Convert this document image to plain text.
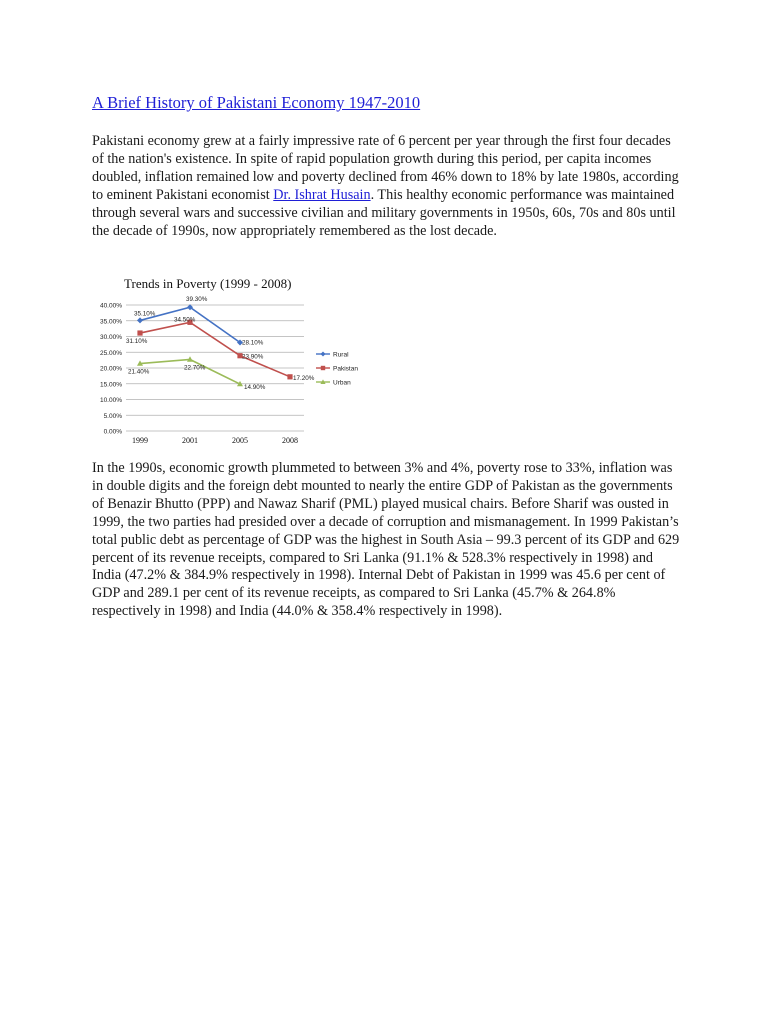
A Brief History of Pakistani Economy 1947-2010

Pakistani economy grew at a fairly impressive rate of 6 percent per year through the first four decades of the nation's existence. In spite of rapid population growth during this period, per capita incomes doubled, inflation remained low and poverty declined from 46% down to 18% by late 1980s, according to eminent Pakistani economist Dr. Ishrat Husain. This healthy economic performance was maintained through several wars and successive civilian and military governments in 1950s, 60s, 70s and 80s until the decade of 1990s, now appropriately remembered as the lost decade.

Trends in Poverty (1999 - 2008)
0.00%
5.00%
10.00%
15.00%
20.00%
25.00%
30.00%
35.00%
40.00%
1999	2001	2005	2008
35.10%
39.30%
28.10%
31.10%
34.50%
23.90%
17.20%
21.40%
22.70%
14.90%
Rural
Pakistan
Urban

In the 1990s, economic growth plummeted to between 3% and 4%, poverty rose to 33%, inflation was in double digits and the foreign debt mounted to nearly the entire GDP of Pakistan as the governments of Benazir Bhutto (PPP) and Nawaz Sharif (PML) played musical chairs. Before Sharif was ousted in 1999, the two parties had presided over a decade of corruption and mismanagement. In 1999 Pakistan’s total public debt as percentage of GDP was the highest in South Asia – 99.3 percent of its GDP and 629 percent of its revenue receipts, compared to Sri Lanka (91.1% & 528.3% respectively in 1998) and India (47.2% & 384.9% respectively in 1998). Internal Debt of Pakistan in 1999 was 45.6 per cent of GDP and 289.1 per cent of its revenue receipts, as compared to Sri Lanka (45.7% & 264.8% respectively in 1998) and India (44.0% & 358.4% respectively in 1998).
